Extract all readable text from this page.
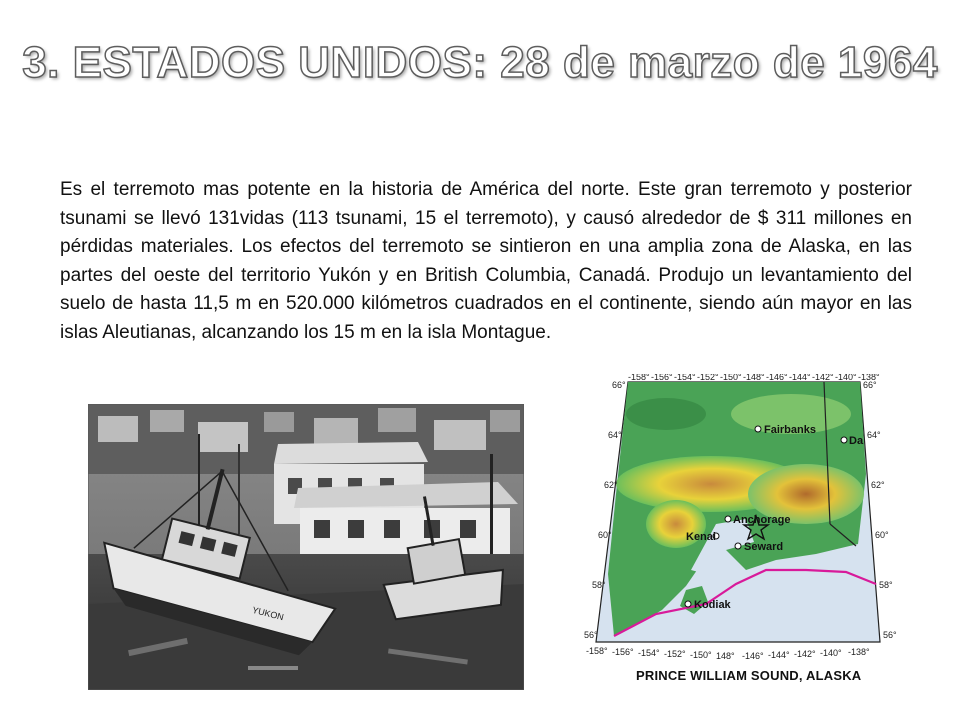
3. ESTADOS UNIDOS: 28 de marzo de 1964

Es el terremoto mas potente en la historia de América del norte. Este gran terremoto y posterior tsunami se llevó 131vidas (113 tsunami, 15 el terremoto), y causó alrededor de $ 311 millones en pérdidas materiales. Los efectos del terremoto se sintieron en una amplia zona de Alaska, en las partes del oeste del territorio Yukón y en British Columbia, Canadá. Produjo un levantamiento del suelo de hasta 11,5 m en 520.000 kilómetros cuadrados en el continente, siendo aún mayor en las islas Aleutianas, alcanzando los 15 m en la isla Montague.

YUKON
Fairbanks
Da
Anchorage
Kenai
Seward
Kodiak
-158° -156° -154° -152° -150° -148° -146° -144° -142° -140° -138°
-158° -156° -154° -152° -150° 148° -146° -144° -142° -140° -138°
66°
64°
62°
60°
58°
56°
66°
64°
62°
60°
58°
56°
PRINCE WILLIAM SOUND, ALASKA
